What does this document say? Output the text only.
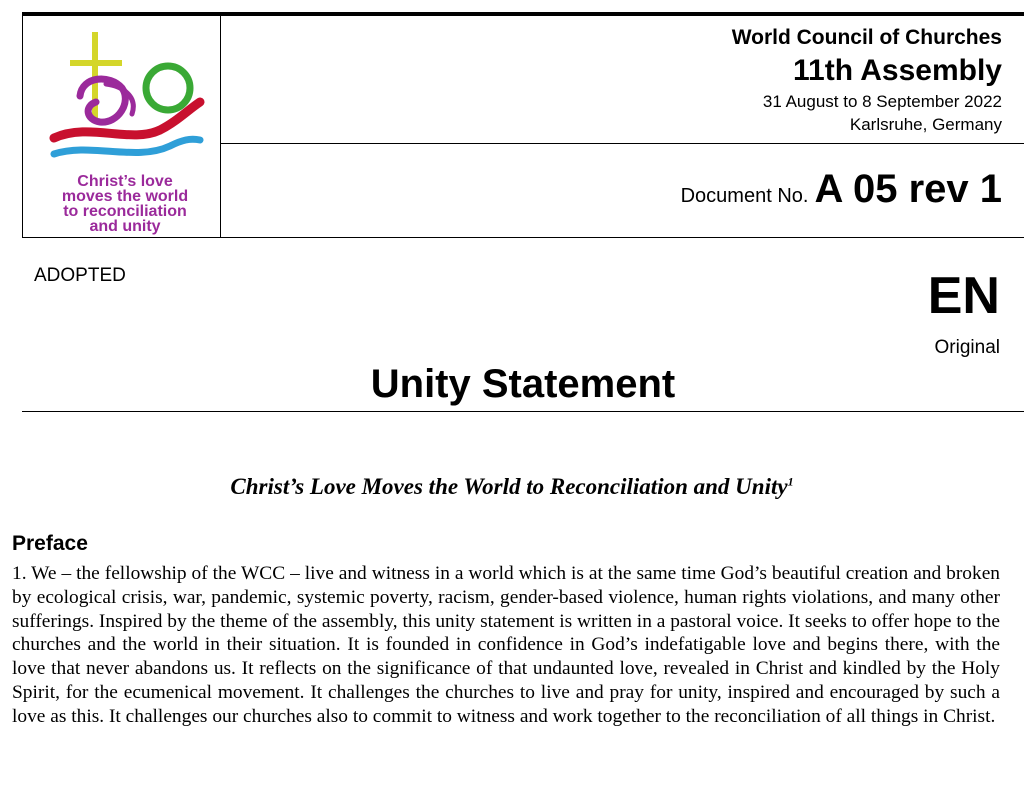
Christ’s love
moves the world
to reconciliation
and unity
World Council of Churches
11th Assembly
31 August to 8 September 2022
Karlsruhe, Germany
Document No. A 05 rev 1
ADOPTED	EN
Original
Unity Statement
Christ’s Love Moves the World to Reconciliation and Unity$^1$
Preface

1. We – the fellowship of the WCC – live and witness in a world which is at the same time God’s beautiful creation and broken by ecological crisis, war, pandemic, systemic poverty, racism, gender-based violence, human rights violations, and many other sufferings. Inspired by the theme of the assembly, this unity statement is written in a pastoral voice. It seeks to offer hope to the churches and the world in their situation. It is founded in confidence in God’s indefatigable love and begins there, with the love that never abandons us. It reflects on the significance of that undaunted love, revealed in Christ and kindled by the Holy Spirit, for the ecumenical movement. It challenges the churches to live and pray for unity, inspired and encouraged by such a love as this. It challenges our churches also to commit to witness and work together to the reconciliation of all things in Christ.
